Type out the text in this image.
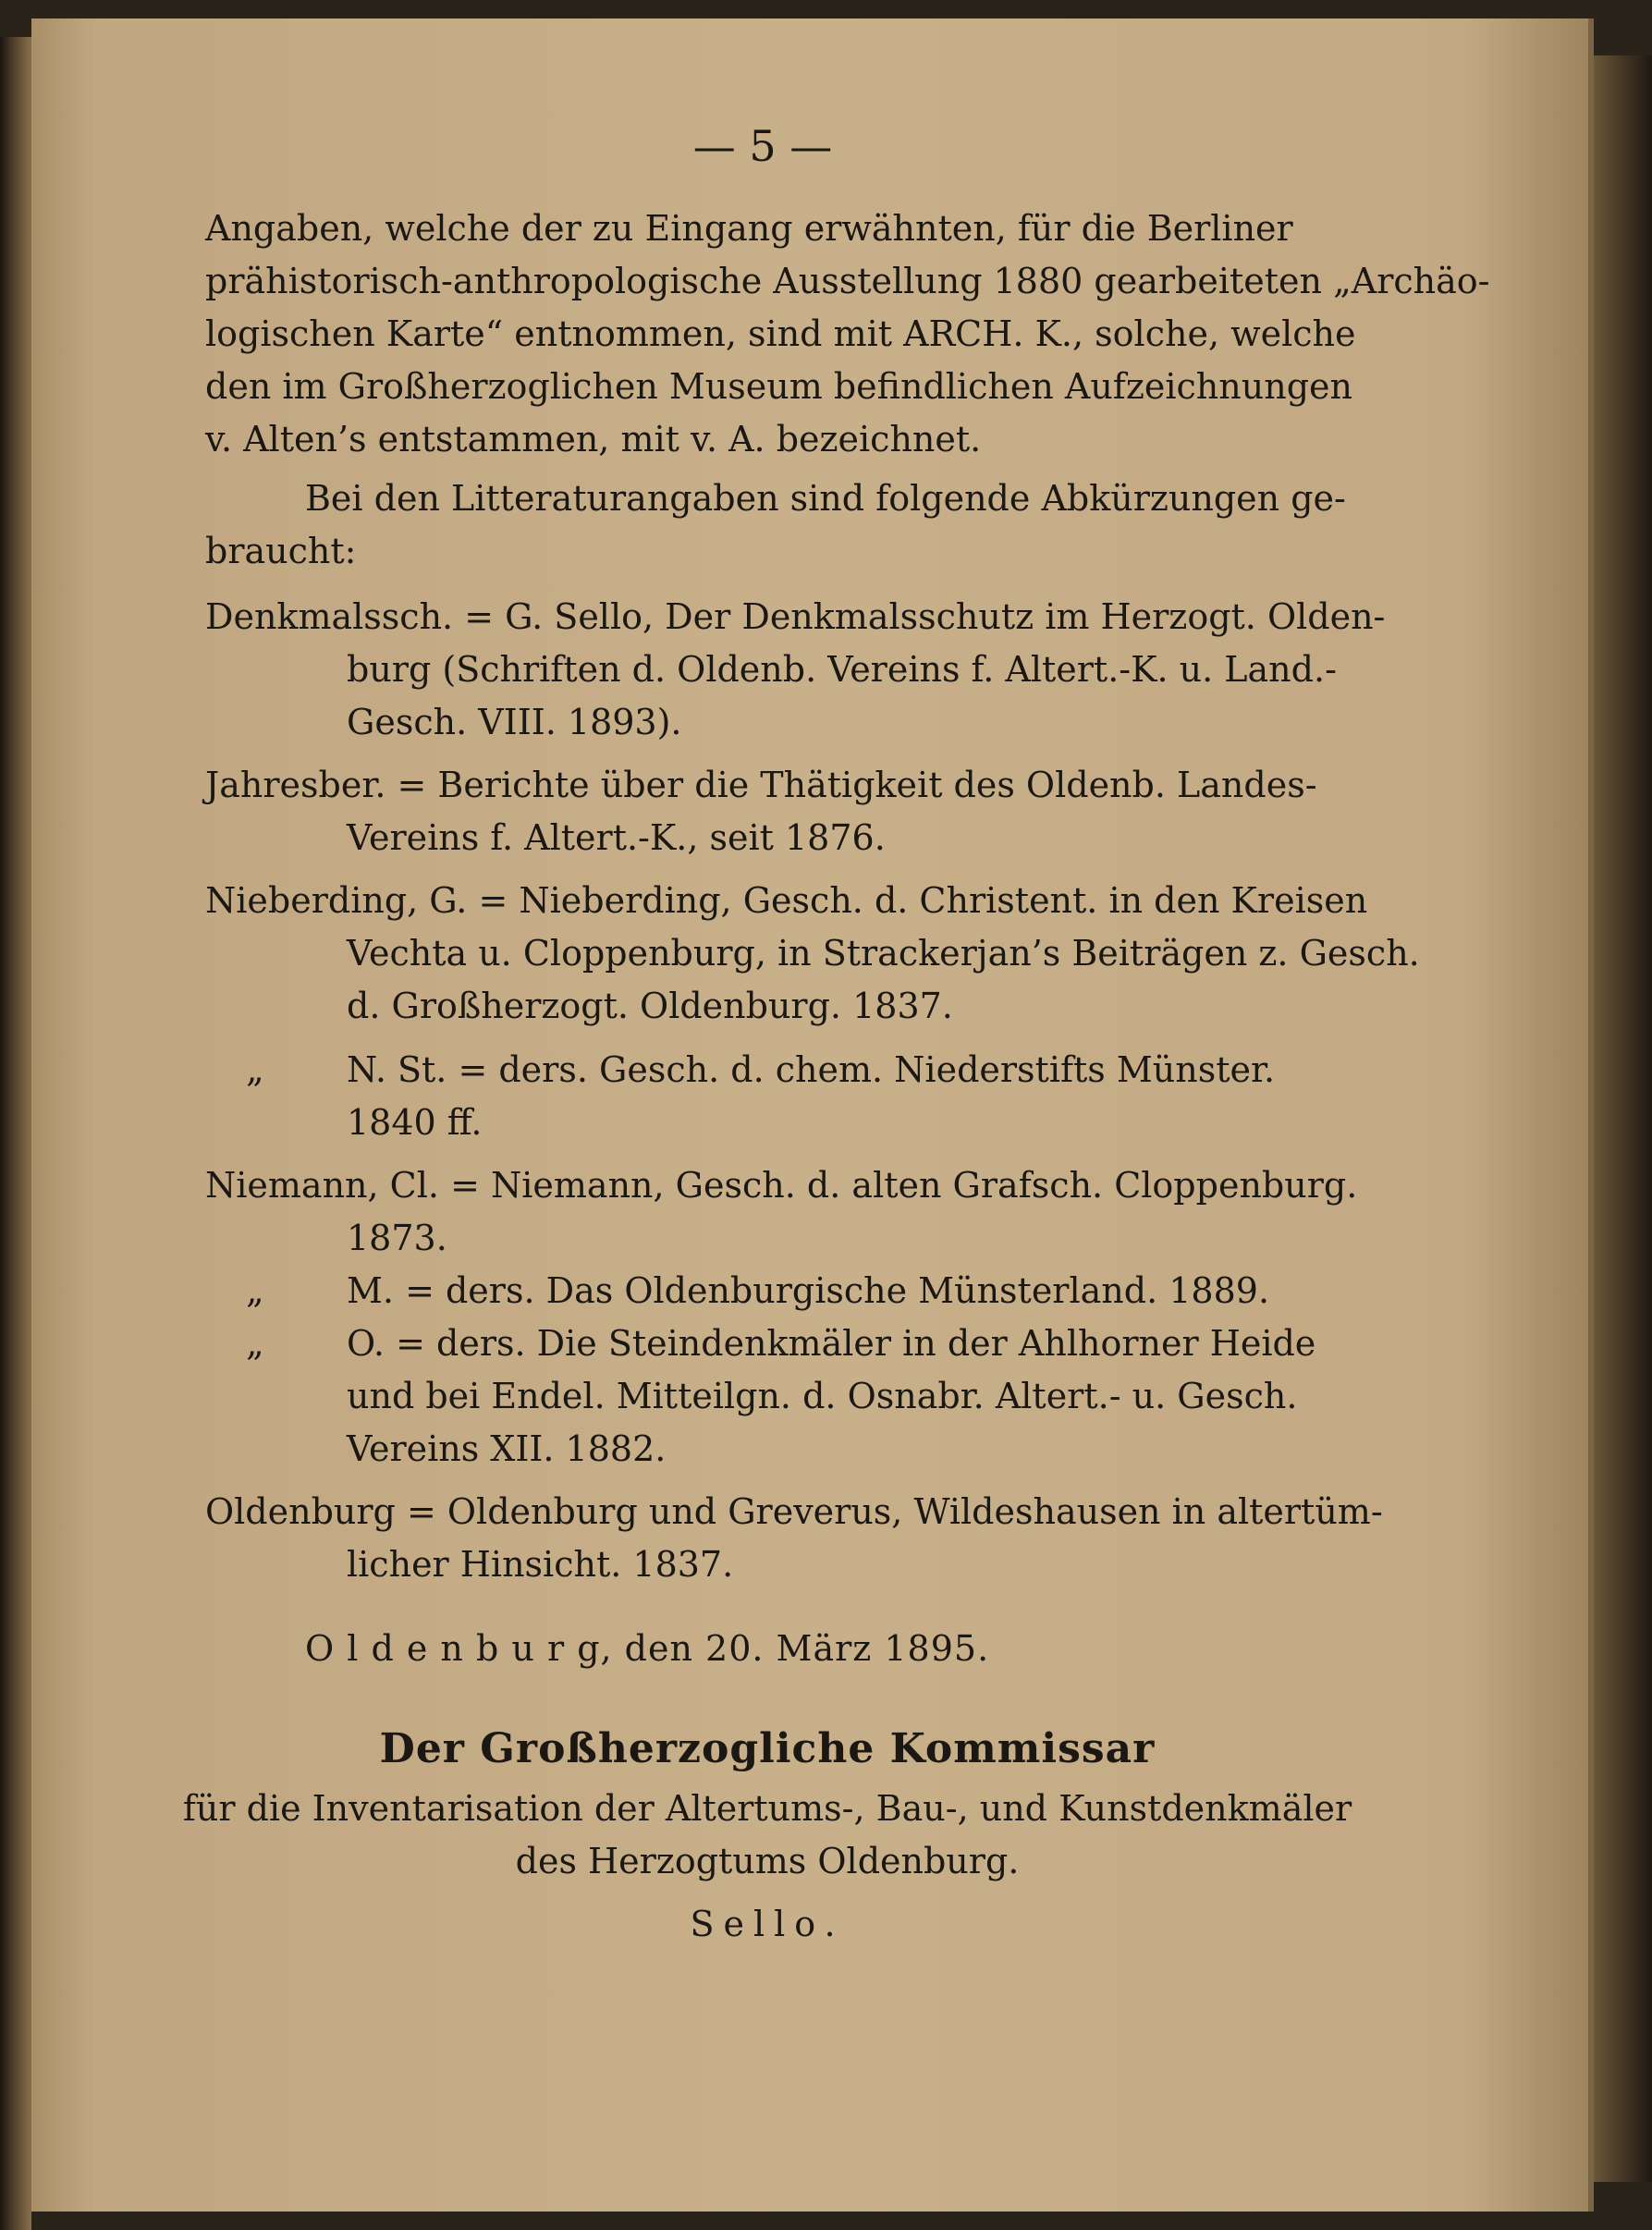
— 5 —
Angaben, welche der zu Eingang erwähnten, für die Berliner
prähistorisch-anthropologische Ausstellung 1880 gearbeiteten „Archäo-
logischen Karte“ entnommen, sind mit ARCH. K., solche, welche
den im Großherzoglichen Museum befindlichen Aufzeichnungen
v. Alten’s entstammen, mit v. A. bezeichnet.
Bei den Litteraturangaben sind folgende Abkürzungen ge-
braucht:
Denkmalssch. = G. Sello, Der Denkmalsschutz im Herzogt. Olden-
burg (Schriften d. Oldenb. Vereins f. Altert.-K. u. Land.-
Gesch. VIII. 1893).
Jahresber. = Berichte über die Thätigkeit des Oldenb. Landes-
Vereins f. Altert.-K., seit 1876.
Nieberding, G. = Nieberding, Gesch. d. Christent. in den Kreisen
Vechta u. Cloppenburg, in Strackerjan’s Beiträgen z. Gesch.
d. Großherzogt. Oldenburg. 1837.
„ N. St. = ders. Gesch. d. chem. Niederstifts Münster.
1840 ff.
Niemann, Cl. = Niemann, Gesch. d. alten Grafsch. Cloppenburg.
1873.
„ M. = ders. Das Oldenburgische Münsterland. 1889.
„ O. = ders. Die Steindenkmäler in der Ahlhorner Heide
und bei Endel. Mitteilgn. d. Osnabr. Altert.- u. Gesch.
Vereins XII. 1882.
Oldenburg = Oldenburg und Greverus, Wildeshausen in altertüm-
licher Hinsicht. 1837.
O l d e n b u r g, den 20. März 1895.
Der Großherzogliche Kommissar
für die Inventarisation der Altertums-, Bau-, und Kunstdenkmäler
des Herzogtums Oldenburg.
Sello.
